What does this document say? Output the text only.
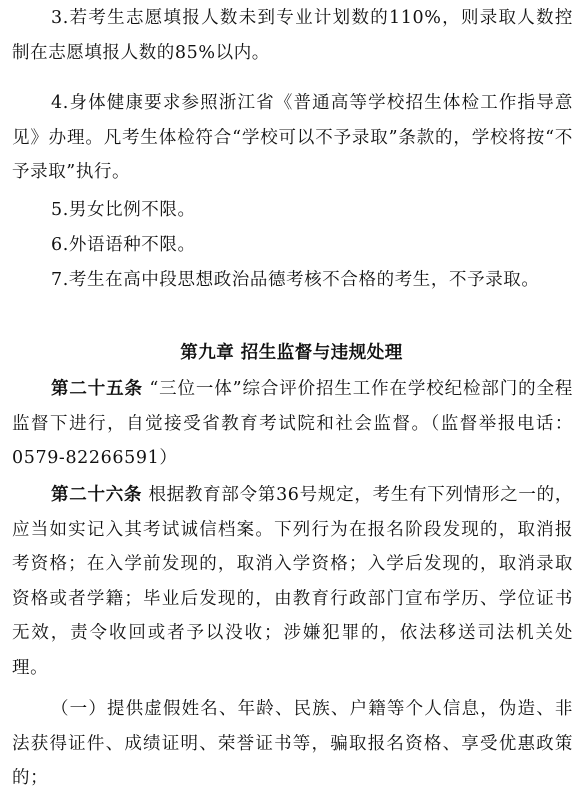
3.若考生志愿填报人数未到专业计划数的110%，则录取人数控制在志愿填报人数的85%以内。

4.身体健康要求参照浙江省《普通高等学校招生体检工作指导意见》办理。凡考生体检符合“学校可以不予录取”条款的，学校将按“不予录取”执行。

5.男女比例不限。

6.外语语种不限。

7.考生在高中段思想政治品德考核不合格的考生，不予录取。

第九章 招生监督与违规处理

第二十五条 “三位一体”综合评价招生工作在学校纪检部门的全程监督下进行，自觉接受省教育考试院和社会监督。（监督举报电话：0579-82266591）

第二十六条 根据教育部令第36号规定，考生有下列情形之一的，应当如实记入其考试诚信档案。下列行为在报名阶段发现的，取消报考资格；在入学前发现的，取消入学资格；入学后发现的，取消录取资格或者学籍；毕业后发现的，由教育行政部门宣布学历、学位证书无效，责令收回或者予以没收；涉嫌犯罪的，依法移送司法机关处理。

（一）提供虚假姓名、年龄、民族、户籍等个人信息，伪造、非法获得证件、成绩证明、荣誉证书等，骗取报名资格、享受优惠政策的；
